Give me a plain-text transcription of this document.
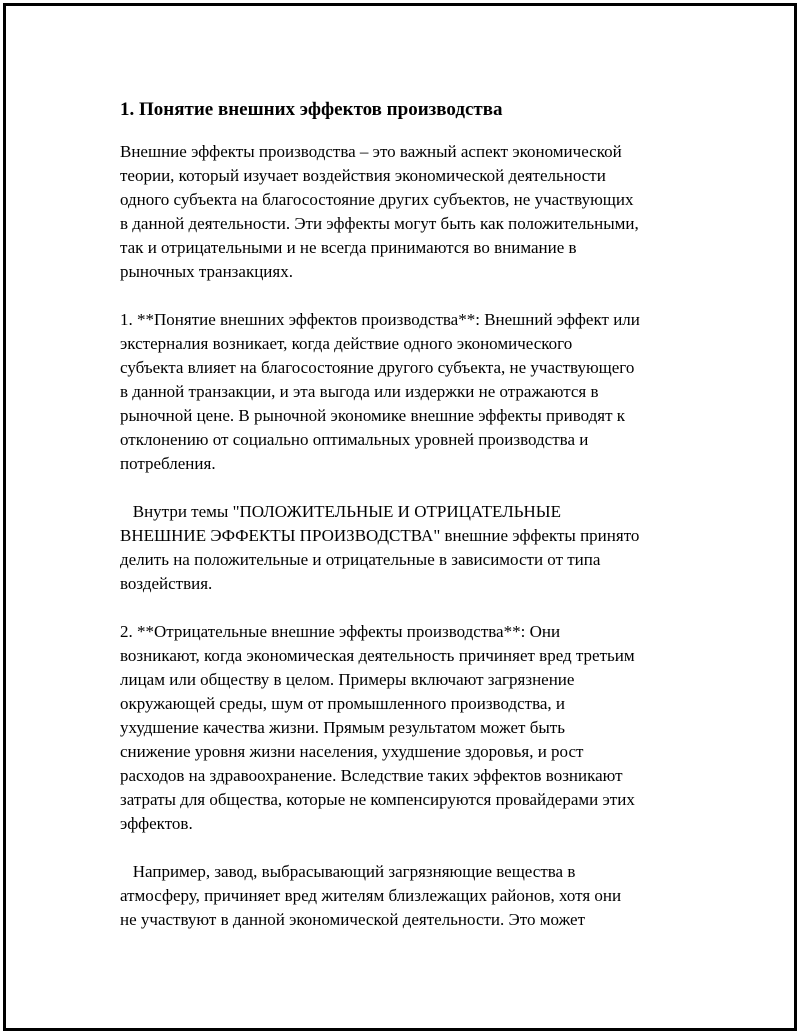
1. Понятие внешних эффектов производства

Внешние эффекты производства – это важный аспект экономической
теории, который изучает воздействия экономической деятельности
одного субъекта на благосостояние других субъектов, не участвующих
в данной деятельности. Эти эффекты могут быть как положительными,
так и отрицательными и не всегда принимаются во внимание в
рыночных транзакциях.

1. **Понятие внешних эффектов производства**: Внешний эффект или
экстерналия возникает, когда действие одного экономического
субъекта влияет на благосостояние другого субъекта, не участвующего
в данной транзакции, и эта выгода или издержки не отражаются в
рыночной цене. В рыночной экономике внешние эффекты приводят к
отклонению от социально оптимальных уровней производства и
потребления.

Внутри темы "ПОЛОЖИТЕЛЬНЫЕ И ОТРИЦАТЕЛЬНЫЕ
ВНЕШНИЕ ЭФФЕКТЫ ПРОИЗВОДСТВА" внешние эффекты принято
делить на положительные и отрицательные в зависимости от типа
воздействия.

2. **Отрицательные внешние эффекты производства**: Они
возникают, когда экономическая деятельность причиняет вред третьим
лицам или обществу в целом. Примеры включают загрязнение
окружающей среды, шум от промышленного производства, и
ухудшение качества жизни. Прямым результатом может быть
снижение уровня жизни населения, ухудшение здоровья, и рост
расходов на здравоохранение. Вследствие таких эффектов возникают
затраты для общества, которые не компенсируются провайдерами этих
эффектов.

Например, завод, выбрасывающий загрязняющие вещества в
атмосферу, причиняет вред жителям близлежащих районов, хотя они
не участвуют в данной экономической деятельности. Это может
